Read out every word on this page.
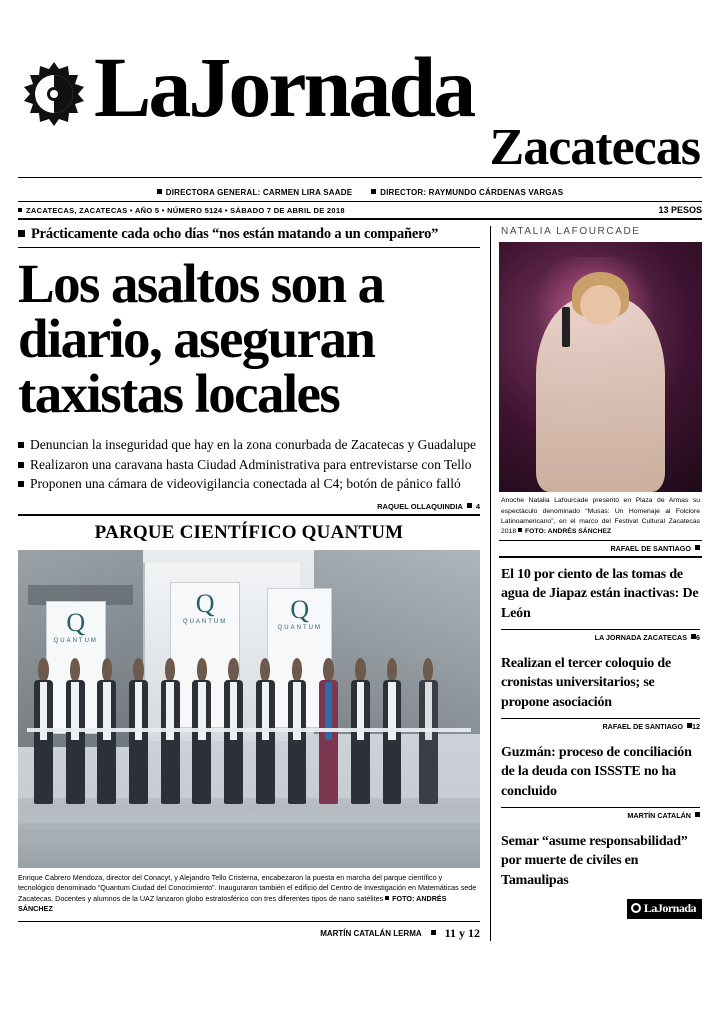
LaJornada
Zacatecas
DIRECTORA GENERAL: CARMEN LIRA SAADE	DIRECTOR: RAYMUNDO CÁRDENAS VARGAS
ZACATECAS, ZACATECAS • AÑO 5 • NÚMERO 5124 • SÁBADO 7 DE ABRIL DE 2018	13 PESOS
Prácticamente cada ocho días “nos están matando a un compañero”
Los asaltos son a diario, aseguran taxistas locales
Denuncian la inseguridad que hay en la zona conurbada de Zacatecas y Guadalupe
Realizaron una caravana hasta Ciudad Administrativa para entrevistarse con Tello
Proponen una cámara de videovigilancia conectada al C4; botón de pánico falló
RAQUEL OLLAQUINDIA 4
PARQUE CIENTÍFICO QUANTUM
Q
QUANTUM
Q
QUANTUM	Q
QUANTUM
Enrique Cabrero Mendoza, director del Conacyt, y Alejandro Tello Cristerna, encabezaron la puesta en marcha del parque científico y tecnológico denominado “Quantum Ciudad del Conocimiento”. Inauguraron también el edificio del Centro de Investigación en Matemáticas sede Zacatecas. Docentes y alumnos de la UAZ lanzaron globo estratosférico con tres diferentes tipos de nano satélites FOTO: ANDRÉS SÁNCHEZ
MARTÍN CATALÁN LERMA 11 y 12
NATALIA LAFOURCADE
Anoche Natalia Lafourcade presentó en Plaza de Armas su espectáculo denominado “Musas: Un Homenaje al Folclore Latinoamericano”, en el marco del Festival Cultural Zacatecas 2018 FOTO: ANDRÉS SÁNCHEZ
RAFAEL DE SANTIAGO
El 10 por ciento de las tomas de agua de Jiapaz están inactivas: De León
LA JORNADA ZACATECAS 6
Realizan el tercer coloquio de cronistas universitarios; se propone asociación
RAFAEL DE SANTIAGO 12
Guzmán: proceso de conciliación de la deuda con ISSSTE no ha concluido
MARTÍN CATALÁN
Semar “asume responsabilidad” por muerte de civiles en Tamaulipas
LaJornada
